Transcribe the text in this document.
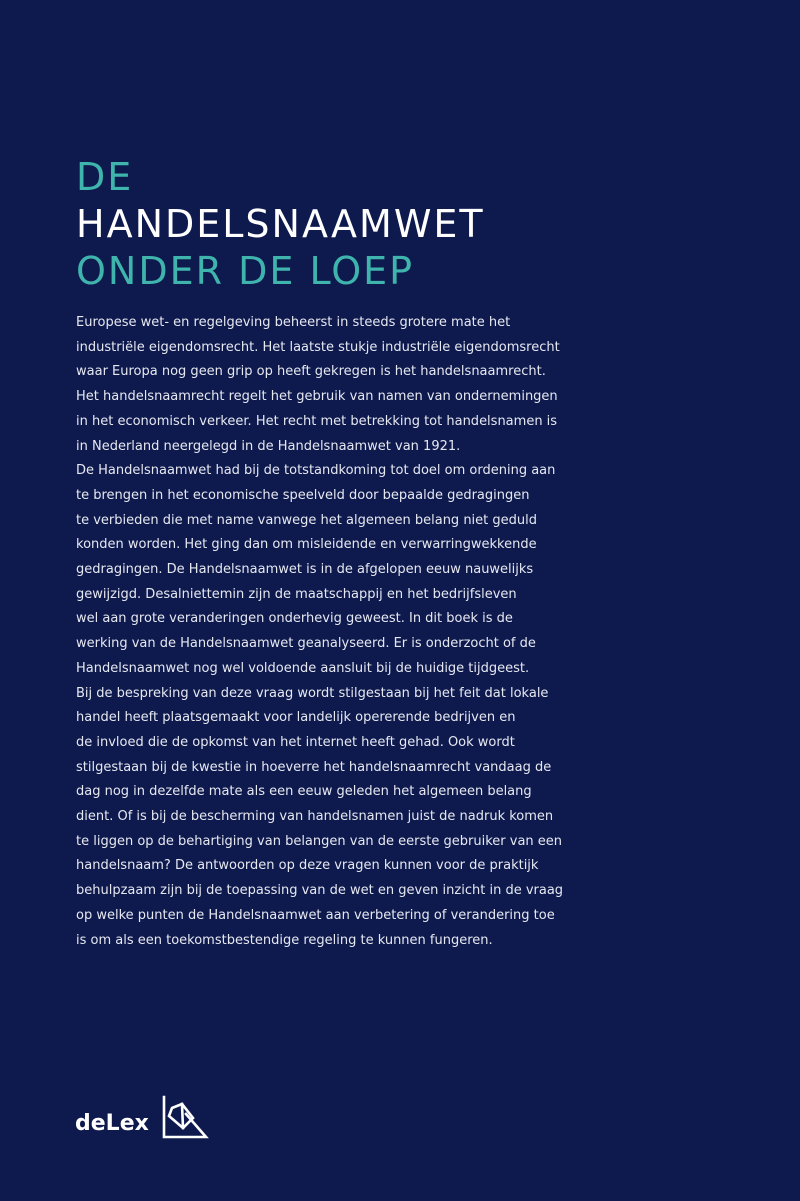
DE
HANDELSNAAMWET
ONDER DE LOEP

Europese wet- en regelgeving beheerst in steeds grotere mate het
industriële eigendomsrecht. Het laatste stukje industriële eigendomsrecht
waar Europa nog geen grip op heeft gekregen is het handelsnaamrecht.
Het handelsnaamrecht regelt het gebruik van namen van ondernemingen
in het economisch verkeer. Het recht met betrekking tot handelsnamen is
in Nederland neergelegd in de Handelsnaamwet van 1921.
De Handelsnaamwet had bij de totstandkoming tot doel om ordening aan
te brengen in het economische speelveld door bepaalde gedragingen
te verbieden die met name vanwege het algemeen belang niet geduld
konden worden. Het ging dan om misleidende en verwarringwekkende
gedragingen. De Handelsnaamwet is in de afgelopen eeuw nauwelijks
gewijzigd. Desalniettemin zijn de maatschappij en het bedrijfsleven
wel aan grote veranderingen onderhevig geweest. In dit boek is de
werking van de Handelsnaamwet geanalyseerd. Er is onderzocht of de
Handelsnaamwet nog wel voldoende aansluit bij de huidige tijdgeest.
Bij de bespreking van deze vraag wordt stilgestaan bij het feit dat lokale
handel heeft plaatsgemaakt voor landelijk opererende bedrijven en
de invloed die de opkomst van het internet heeft gehad. Ook wordt
stilgestaan bij de kwestie in hoeverre het handelsnaamrecht vandaag de
dag nog in dezelfde mate als een eeuw geleden het algemeen belang
dient. Of is bij de bescherming van handelsnamen juist de nadruk komen
te liggen op de behartiging van belangen van de eerste gebruiker van een
handelsnaam? De antwoorden op deze vragen kunnen voor de praktijk
behulpzaam zijn bij de toepassing van de wet en geven inzicht in de vraag
op welke punten de Handelsnaamwet aan verbetering of verandering toe
is om als een toekomstbestendige regeling te kunnen fungeren.

deLex
